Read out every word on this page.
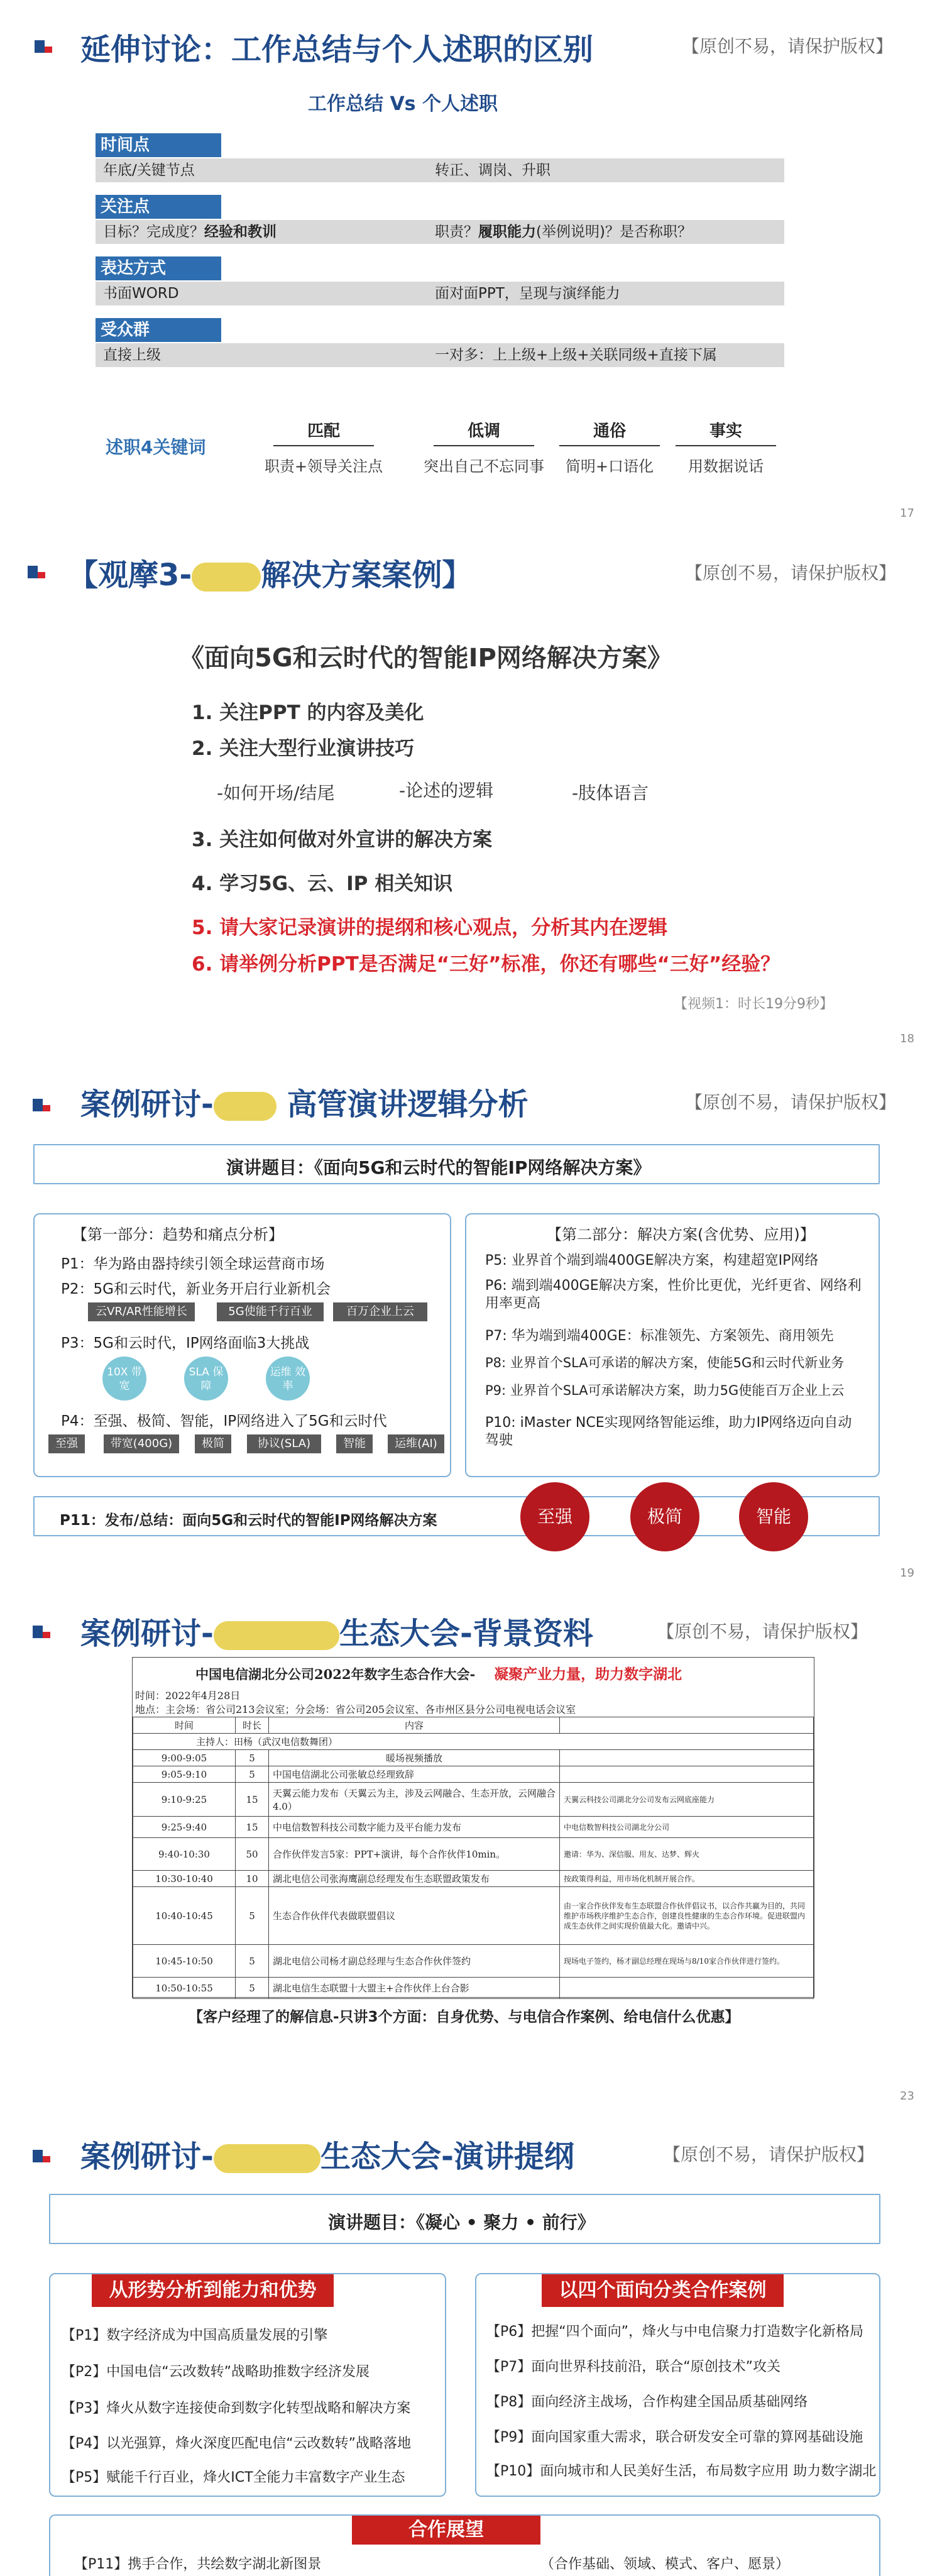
延伸讨论：工作总结与个人述职的区别	【原创不易，请保护版权】
工作总结 Vs 个人述职
时间点
年底/关键节点	转正、调岗、升职
关注点
目标？完成度？经验和教训	职责？履职能力(举例说明)？是否称职？
表达方式
书面WORD	面对面PPT，呈现与演绎能力
受众群
直接上级	一对多：上上级+上级+关联同级+直接下属
述职4关键词
匹配
职责+领导关注点
低调
突出自己不忘同事
通俗
简明+口语化
事实
用数据说话
17
【观摩3- 解决方案案例】	【原创不易，请保护版权】
《面向5G和云时代的智能IP网络解决方案》
1. 关注PPT 的内容及美化
2. 关注大型行业演讲技巧
-如何开场/结尾	-论述的逻辑	-肢体语言
3. 关注如何做对外宣讲的解决方案
4. 学习5G、云、IP 相关知识
5. 请大家记录演讲的提纲和核心观点，分析其内在逻辑
6. 请举例分析PPT是否满足“三好”标准，你还有哪些“三好”经验？
【视频1：时长19分9秒】
18
案例研讨- 高管演讲逻辑分析	【原创不易，请保护版权】
演讲题目：《面向5G和云时代的智能IP网络解决方案》
【第一部分：趋势和痛点分析】
P1：华为路由器持续引领全球运营商市场
P2：5G和云时代，新业务开启行业新机会
云VR/AR性能增长	5G使能千行百业	百万企业上云
P3：5G和云时代，IP网络面临3大挑战
10X 带宽
SLA 保障
运维 效率
P4：至强、极简、智能，IP网络进入了5G和云时代
至强	带宽(400G)	极简	协议(SLA)	智能	运维(AI)
【第二部分：解决方案(含优势、应用)】
P5: 业界首个端到端400GE解决方案，构建超宽IP网络
P6: 端到端400GE解决方案，性价比更优，光纤更省、网络利用率更高
P7: 华为端到端400GE：标准领先、方案领先、商用领先
P8: 业界首个SLA可承诺的解决方案，使能5G和云时代新业务
P9: 业界首个SLA可承诺解决方案，助力5G使能百万企业上云
P10: iMaster NCE实现网络智能运维，助力IP网络迈向自动驾驶
P11：发布/总结：面向5G和云时代的智能IP网络解决方案	至强	极简	智能
19
案例研讨-	生态大会-背景资料	【原创不易，请保护版权】
中国电信湖北分公司2022年数字生态合作大会- 凝聚产业力量，助力数字湖北
时间：2022年4月28日
地点：主会场：省公司213会议室；分会场：省公司205会议室、各市州区县分公司电视电话会议室
时间	时长	内容	
主持人：田杨（武汉电信数舞团）			
9:00-9:05	5	暖场视频播放	
9:05-9:10	5	中国电信湖北公司张敏总经理致辞	
9:10-9:25	15	天翼云能力发布（天翼云为主，涉及云网融合、生态开放，云网融合4.0）	天翼云科技公司湖北分公司发布云网底座能力
9:25-9:40	15	中电信数智科技公司数字能力及平台能力发布	中电信数智科技公司湖北分公司
9:40-10:30	50	合作伙伴发言5家：PPT+演讲，每个合作伙伴10min。	邀请：华为、深信服、用友、达梦、辉火
10:30-10:40	10	湖北电信公司张海鹰副总经理发布生态联盟政策发布	按政策得利益，用市场化机制开展合作。
10:40-10:45	5	生态合作伙伴代表做联盟倡议	由一家合作伙伴发布生态联盟合作伙伴倡议书，以合作共赢为目的，共同维护市场秩序维护生态合作，创建良性健康的生态合作环境。促进联盟内成生态伙伴之间实现价值最大化。邀请中兴。
10:45-10:50	5	湖北电信公司杨才副总经理与生态合作伙伴签约	现场电子签约，杨才副总经理在现场与8/10家合作伙伴进行签约。
10:50-10:55	5	湖北电信生态联盟十大盟主+合作伙伴上台合影	
【客户经理了的解信息-只讲3个方面：自身优势、与电信合作案例、给电信什么优惠】
23
案例研讨-	生态大会-演讲提纲	【原创不易，请保护版权】
演讲题目：《凝心 • 聚力 • 前行》
从形势分析到能力和优势
【P1】数字经济成为中国高质量发展的引擎
【P2】中国电信“云改数转”战略助推数字经济发展
【P3】烽火从数字连接使命到数字化转型战略和解决方案
【P4】以光强算，烽火深度匹配电信“云改数转”战略落地
【P5】赋能千行百业，烽火ICT全能力丰富数字产业生态
以四个面向分类合作案例
【P6】把握“四个面向”，烽火与中电信聚力打造数字化新格局
【P7】面向世界科技前沿，联合“原创技术”攻关
【P8】面向经济主战场，合作构建全国品质基础网络
【P9】面向国家重大需求，联合研发安全可靠的算网基础设施
【P10】面向城市和人民美好生活，布局数字应用 助力数字湖北
合作展望
【P11】携手合作，共绘数字湖北新图景	（合作基础、领域、模式、客户、愿景）
